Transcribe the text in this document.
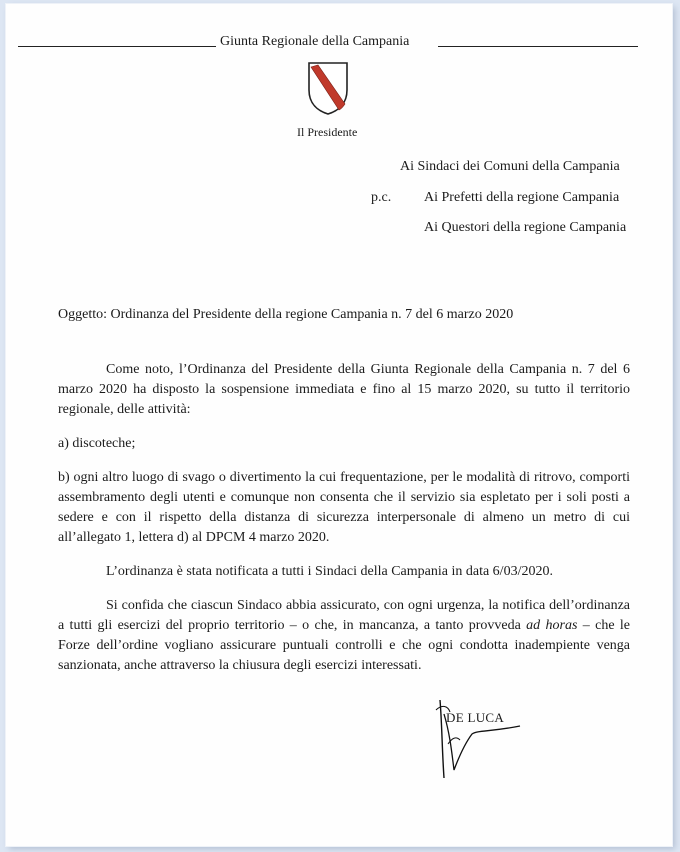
Giunta Regionale della Campania
Il Presidente
Ai Sindaci dei Comuni della Campania
p.c. Ai Prefetti della regione Campania
Ai Questori della regione Campania
Oggetto: Ordinanza del Presidente della regione Campania n. 7 del 6 marzo 2020

Come noto, l’Ordinanza del Presidente della Giunta Regionale della Campania n. 7 del 6 marzo 2020 ha disposto la sospensione immediata e fino al 15 marzo 2020, su tutto il territorio regionale, delle attività:

a) discoteche;

b) ogni altro luogo di svago o divertimento la cui frequentazione, per le modalità di ritrovo, comporti assembramento degli utenti e comunque non consenta che il servizio sia espletato per i soli posti a sedere e con il rispetto della distanza di sicurezza interpersonale di almeno un metro di cui all’allegato 1, lettera d) al DPCM 4 marzo 2020.

L’ordinanza è stata notificata a tutti i Sindaci della Campania in data 6/03/2020.

Si confida che ciascun Sindaco abbia assicurato, con ogni urgenza, la notifica dell’ordinanza a tutti gli esercizi del proprio territorio – o che, in mancanza, a tanto provveda ad horas – che le Forze dell’ordine vogliano assicurare puntuali controlli e che ogni condotta inadempiente venga sanzionata, anche attraverso la chiusura degli esercizi interessati.

DE LUCA
